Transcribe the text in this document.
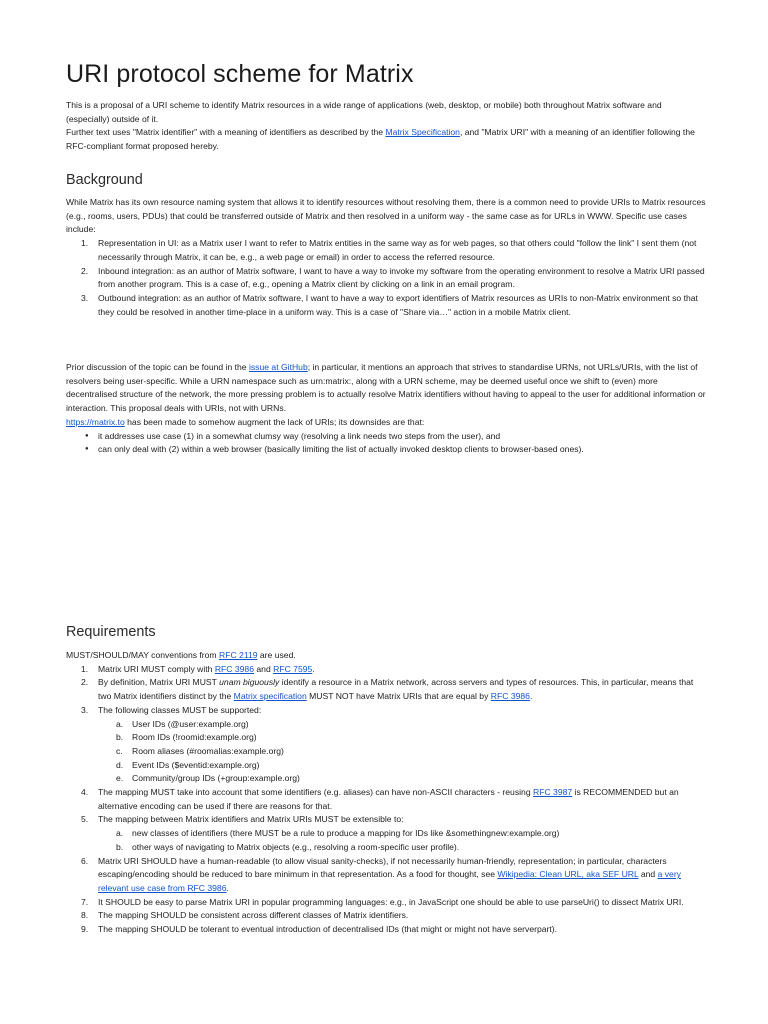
URI protocol scheme for Matrix

This is a proposal of a URI scheme to identify Matrix resources in a wide range of applications (web, desktop, or mobile) both throughout Matrix software and (especially) outside of it.

Further text uses "Matrix identifier" with a meaning of identifiers as described by the Matrix Specification, and "Matrix URI" with a meaning of an identifier following the RFC-compliant format proposed hereby.

Background

While Matrix has its own resource naming system that allows it to identify resources without resolving them, there is a common need to provide URIs to Matrix resources (e.g., rooms, users, PDUs) that could be transferred outside of Matrix and then resolved in a uniform way - the same case as for URLs in WWW. Specific use cases include:

1. Representation in UI: as a Matrix user I want to refer to Matrix entities in the same way as for web pages, so that others could "follow the link" I sent them (not necessarily through Matrix, it can be, e.g., a web page or email) in order to access the referred resource.
2. Inbound integration: as an author of Matrix software, I want to have a way to invoke my software from the operating environment to resolve a Matrix URI passed from another program. This is a case of, e.g., opening a Matrix client by clicking on a link in an email program.
3. Outbound integration: as an author of Matrix software, I want to have a way to export identifiers of Matrix resources as URIs to non-Matrix environment so that they could be resolved in another time-place in a uniform way. This is a case of "Share via…" action in a mobile Matrix client.

Prior discussion of the topic can be found in the issue at GitHub; in particular, it mentions an approach that strives to standardise URNs, not URLs/URIs, with the list of resolvers being user-specific. While a URN namespace such as urn:matrix:, along with a URN scheme, may be deemed useful once we shift to (even) more decentralised structure of the network, the more pressing problem is to actually resolve Matrix identifiers without having to appeal to the user for additional information or interaction. This proposal deals with URIs, not with URNs.

https://matrix.to has been made to somehow augment the lack of URIs; its downsides are that:

● it addresses use case (1) in a somewhat clumsy way (resolving a link needs two steps from the user), and
● can only deal with (2) within a web browser (basically limiting the list of actually invoked desktop clients to browser-based ones).
Requirements

MUST/SHOULD/MAY conventions from RFC 2119 are used.

1. Matrix URI MUST comply with RFC 3986 and RFC 7595.
2. By definition, Matrix URI MUST unam biguously identify a resource in a Matrix network, across servers and types of resources. This, in particular, means that two Matrix identifiers distinct by the Matrix specification MUST NOT have Matrix URIs that are equal by RFC 3986.
3. The following classes MUST be supported:
a. User IDs (@user:example.org)
b. Room IDs (!roomid:example.org)
c. Room aliases (#roomalias:example.org)
d. Event IDs ($eventid:example.org)
e. Community/group IDs (+group:example.org)
4. The mapping MUST take into account that some identifiers (e.g. aliases) can have non-ASCII characters - reusing RFC 3987 is RECOMMENDED but an alternative encoding can be used if there are reasons for that.
5. The mapping between Matrix identifiers and Matrix URIs MUST be extensible to:
a. new classes of identifiers (there MUST be a rule to produce a mapping for IDs like &somethingnew:example.org)
b. other ways of navigating to Matrix objects (e.g., resolving a room-specific user profile).
6. Matrix URI SHOULD have a human-readable (to allow visual sanity-checks), if not necessarily human-friendly, representation; in particular, characters escaping/encoding should be reduced to bare minimum in that representation. As a food for thought, see Wikipedia: Clean URL, aka SEF URL and a very relevant use case from RFC 3986.
7. It SHOULD be easy to parse Matrix URI in popular programming languages: e.g., in JavaScript one should be able to use parseUri() to dissect Matrix URI.
8. The mapping SHOULD be consistent across different classes of Matrix identifiers.
9. The mapping SHOULD be tolerant to eventual introduction of decentralised IDs (that might or might not have serverpart).
